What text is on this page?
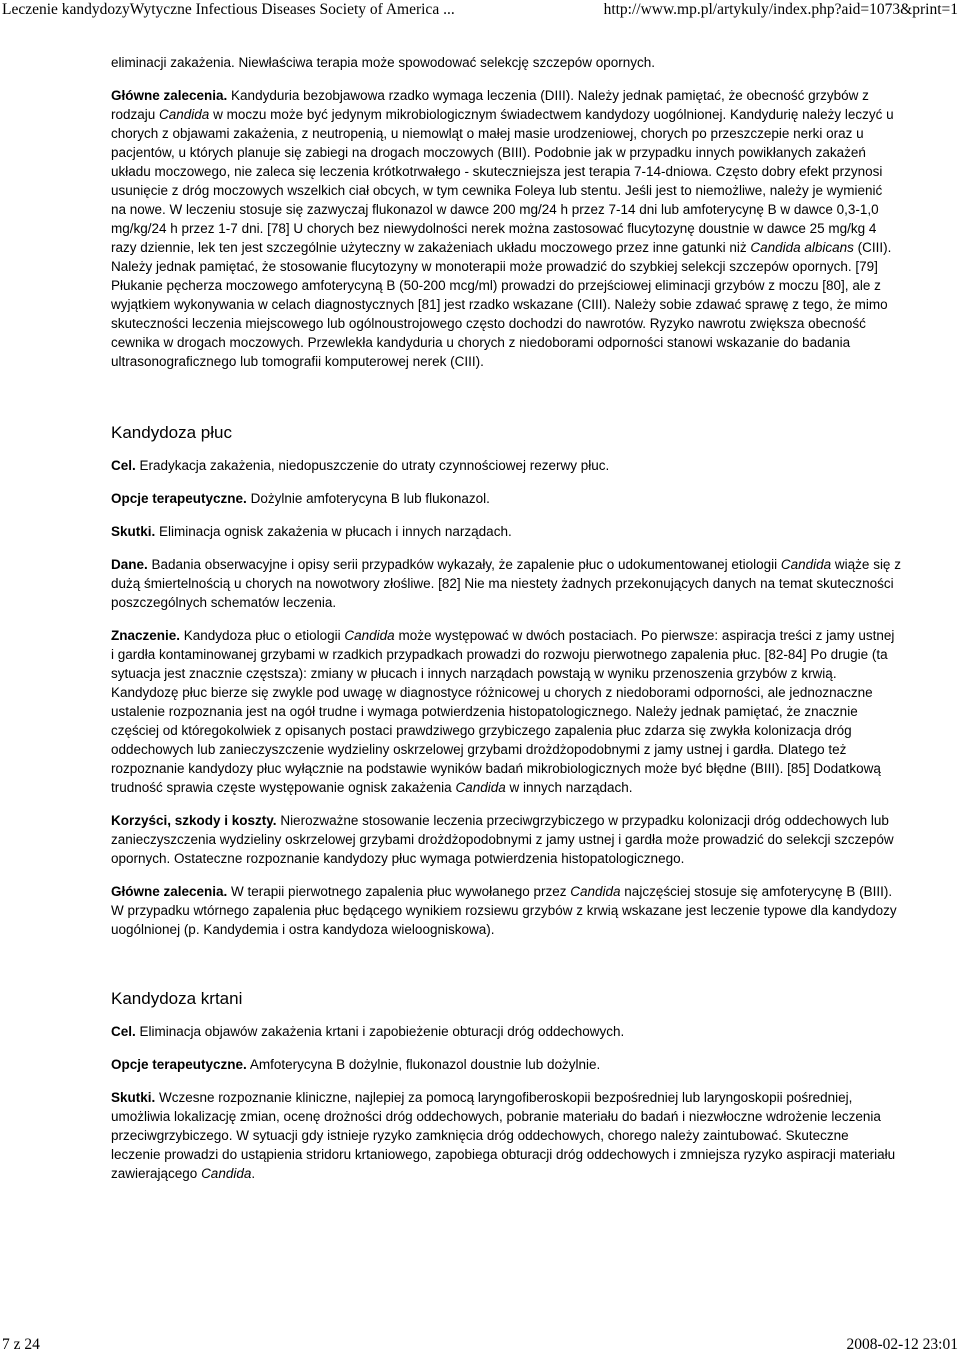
Leczenie kandydozyWytyczne Infectious Diseases Society of America ...	http://www.mp.pl/artykuly/index.php?aid=1073&print=1

eliminacji zakażenia. Niewłaściwa terapia może spowodować selekcję szczepów opornych.

Główne zalecenia. Kandyduria bezobjawowa rzadko wymaga leczenia (DIII). Należy jednak pamiętać, że obecność grzybów z rodzaju Candida w moczu może być jedynym mikrobiologicznym świadectwem kandydozy uogólnionej. Kandydurię należy leczyć u chorych z objawami zakażenia, z neutropenią, u niemowląt o małej masie urodzeniowej, chorych po przeszczepie nerki oraz u pacjentów, u których planuje się zabiegi na drogach moczowych (BIII). Podobnie jak w przypadku innych powikłanych zakażeń układu moczowego, nie zaleca się leczenia krótkotrwałego - skuteczniejsza jest terapia 7-14-dniowa. Często dobry efekt przynosi usunięcie z dróg moczowych wszelkich ciał obcych, w tym cewnika Foleya lub stentu. Jeśli jest to niemożliwe, należy je wymienić na nowe. W leczeniu stosuje się zazwyczaj flukonazol w dawce 200 mg/24 h przez 7-14 dni lub amfoterycynę B w dawce 0,3-1,0 mg/kg/24 h przez 1-7 dni. [78] U chorych bez niewydolności nerek można zastosować flucytozynę doustnie w dawce 25 mg/kg 4 razy dziennie, lek ten jest szczególnie użyteczny w zakażeniach układu moczowego przez inne gatunki niż Candida albicans (CIII). Należy jednak pamiętać, że stosowanie flucytozyny w monoterapii może prowadzić do szybkiej selekcji szczepów opornych. [79] Płukanie pęcherza moczowego amfoterycyną B (50-200 mcg/ml) prowadzi do przejściowej eliminacji grzybów z moczu [80], ale z wyjątkiem wykonywania w celach diagnostycznych [81] jest rzadko wskazane (CIII). Należy sobie zdawać sprawę z tego, że mimo skuteczności leczenia miejscowego lub ogólnoustrojowego często dochodzi do nawrotów. Ryzyko nawrotu zwiększa obecność cewnika w drogach moczowych. Przewlekła kandyduria u chorych z niedoborami odporności stanowi wskazanie do badania ultrasonograficznego lub tomografii komputerowej nerek (CIII).

Kandydoza płuc

Cel. Eradykacja zakażenia, niedopuszczenie do utraty czynnościowej rezerwy płuc.

Opcje terapeutyczne. Dożylnie amfoterycyna B lub flukonazol.

Skutki. Eliminacja ognisk zakażenia w płucach i innych narządach.

Dane. Badania obserwacyjne i opisy serii przypadków wykazały, że zapalenie płuc o udokumentowanej etiologii Candida wiąże się z dużą śmiertelnością u chorych na nowotwory złośliwe. [82] Nie ma niestety żadnych przekonujących danych na temat skuteczności poszczególnych schematów leczenia.

Znaczenie. Kandydoza płuc o etiologii Candida może występować w dwóch postaciach. Po pierwsze: aspiracja treści z jamy ustnej i gardła kontaminowanej grzybami w rzadkich przypadkach prowadzi do rozwoju pierwotnego zapalenia płuc. [82-84] Po drugie (ta sytuacja jest znacznie częstsza): zmiany w płucach i innych narządach powstają w wyniku przenoszenia grzybów z krwią. Kandydozę płuc bierze się zwykle pod uwagę w diagnostyce różnicowej u chorych z niedoborami odporności, ale jednoznaczne ustalenie rozpoznania jest na ogół trudne i wymaga potwierdzenia histopatologicznego. Należy jednak pamiętać, że znacznie częściej od któregokolwiek z opisanych postaci prawdziwego grzybiczego zapalenia płuc zdarza się zwykła kolonizacja dróg oddechowych lub zanieczyszczenie wydzieliny oskrzelowej grzybami drożdżopodobnymi z jamy ustnej i gardła. Dlatego też rozpoznanie kandydozy płuc wyłącznie na podstawie wyników badań mikrobiologicznych może być błędne (BIII). [85] Dodatkową trudność sprawia częste występowanie ognisk zakażenia Candida w innych narządach.

Korzyści, szkody i koszty. Nierozważne stosowanie leczenia przeciwgrzybiczego w przypadku kolonizacji dróg oddechowych lub zanieczyszczenia wydzieliny oskrzelowej grzybami drożdżopodobnymi z jamy ustnej i gardła może prowadzić do selekcji szczepów opornych. Ostateczne rozpoznanie kandydozy płuc wymaga potwierdzenia histopatologicznego.

Główne zalecenia. W terapii pierwotnego zapalenia płuc wywołanego przez Candida najczęściej stosuje się amfoterycynę B (BIII). W przypadku wtórnego zapalenia płuc będącego wynikiem rozsiewu grzybów z krwią wskazane jest leczenie typowe dla kandydozy uogólnionej (p. Kandydemia i ostra kandydoza wieloogniskowa).

Kandydoza krtani

Cel. Eliminacja objawów zakażenia krtani i zapobieżenie obturacji dróg oddechowych.

Opcje terapeutyczne. Amfoterycyna B dożylnie, flukonazol doustnie lub dożylnie.

Skutki. Wczesne rozpoznanie kliniczne, najlepiej za pomocą laryngofiberoskopii bezpośredniej lub laryngoskopii pośredniej, umożliwia lokalizację zmian, ocenę drożności dróg oddechowych, pobranie materiału do badań i niezwłoczne wdrożenie leczenia przeciwgrzybiczego. W sytuacji gdy istnieje ryzyko zamknięcia dróg oddechowych, chorego należy zaintubować. Skuteczne leczenie prowadzi do ustąpienia stridoru krtaniowego, zapobiega obturacji dróg oddechowych i zmniejsza ryzyko aspiracji materiału zawierającego Candida.

7 z 24	2008-02-12 23:01
